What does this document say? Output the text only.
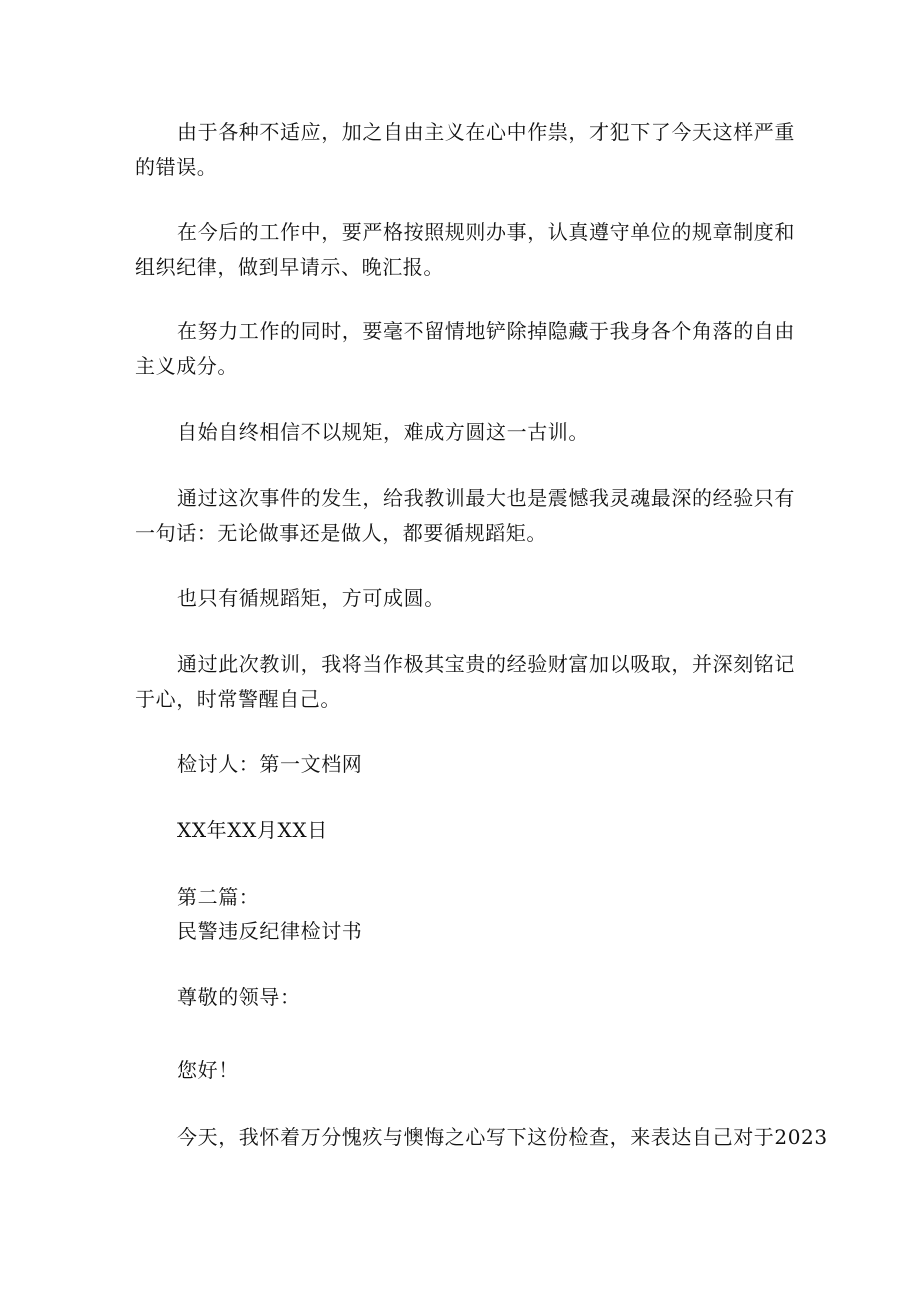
由于各种不适应，加之自由主义在心中作祟，才犯下了今天这样严重的错误。

在今后的工作中，要严格按照规则办事，认真遵守单位的规章制度和组织纪律，做到早请示、晚汇报。

在努力工作的同时，要毫不留情地铲除掉隐藏于我身各个角落的自由主义成分。

自始自终相信不以规矩，难成方圆这一古训。

通过这次事件的发生，给我教训最大也是震憾我灵魂最深的经验只有一句话：无论做事还是做人，都要循规蹈矩。

也只有循规蹈矩，方可成圆。

通过此次教训，我将当作极其宝贵的经验财富加以吸取，并深刻铭记于心，时常警醒自己。

检讨人：第一文档网

XX年XX月XX日

第二篇：

民警违反纪律检讨书

尊敬的领导：

您好！

今天，我怀着万分愧疚与懊悔之心写下这份检查，来表达自己对于2023
